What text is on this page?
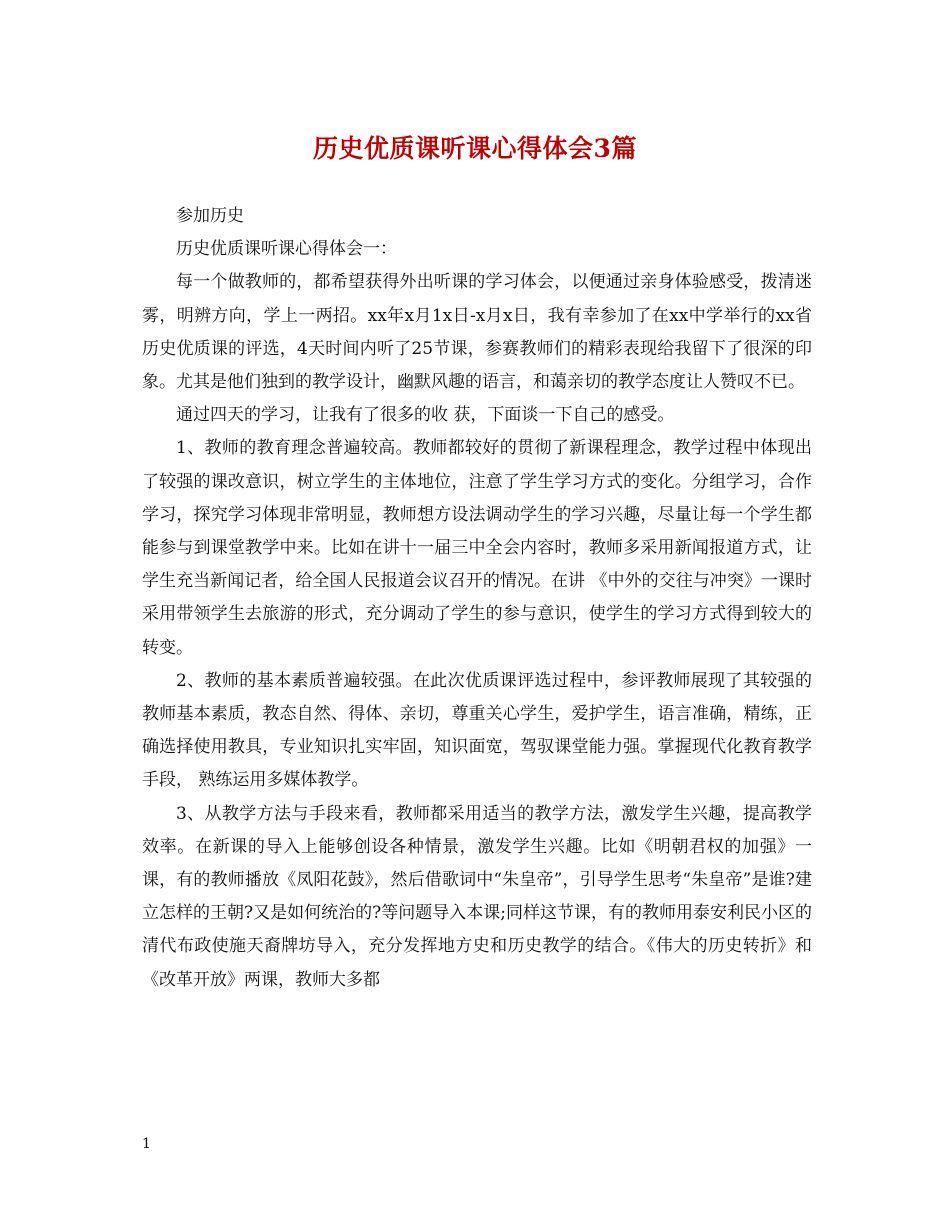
历史优质课听课心得体会3篇

参加历史

历史优质课听课心得体会一：

每一个做教师的，都希望获得外出听课的学习体会，以便通过亲身体验感受，拨清迷雾，明辨方向，学上一两招。xx年x月1x日-x月x日，我有幸参加了在xx中学举行的xx省历史优质课的评选，4天时间内听了25节课，参赛教师们的精彩表现给我留下了很深的印象。尤其是他们独到的教学设计，幽默风趣的语言，和蔼亲切的教学态度让人赞叹不已。

通过四天的学习，让我有了很多的收 获，下面谈一下自己的感受。

1、教师的教育理念普遍较高。教师都较好的贯彻了新课程理念，教学过程中体现出了较强的课改意识，树立学生的主体地位，注意了学生学习方式的变化。分组学习，合作学习，探究学习体现非常明显，教师想方设法调动学生的学习兴趣，尽量让每一个学生都能参与到课堂教学中来。比如在讲十一届三中全会内容时，教师多采用新闻报道方式，让学生充当新闻记者，给全国人民报道会议召开的情况。在讲 《中外的交往与冲突》一课时采用带领学生去旅游的形式，充分调动了学生的参与意识，使学生的学习方式得到较大的转变。

2、教师的基本素质普遍较强。在此次优质课评选过程中，参评教师展现了其较强的教师基本素质，教态自然、得体、亲切，尊重关心学生，爱护学生，语言准确，精练，正确选择使用教具，专业知识扎实牢固，知识面宽，驾驭课堂能力强。掌握现代化教育教学手段， 熟练运用多媒体教学。

3、从教学方法与手段来看，教师都采用适当的教学方法，激发学生兴趣，提高教学效率。在新课的导入上能够创设各种情景，激发学生兴趣。比如《明朝君权的加强》一课，有的教师播放《凤阳花鼓》，然后借歌词中“朱皇帝”，引导学生思考“朱皇帝”是谁?建立怎样的王朝?又是如何统治的?等问题导入本课;同样这节课，有的教师用泰安利民小区的清代布政使施天裔牌坊导入，充分发挥地方史和历史教学的结合。《伟大的历史转折》和《改革开放》两课，教师大多都

1
